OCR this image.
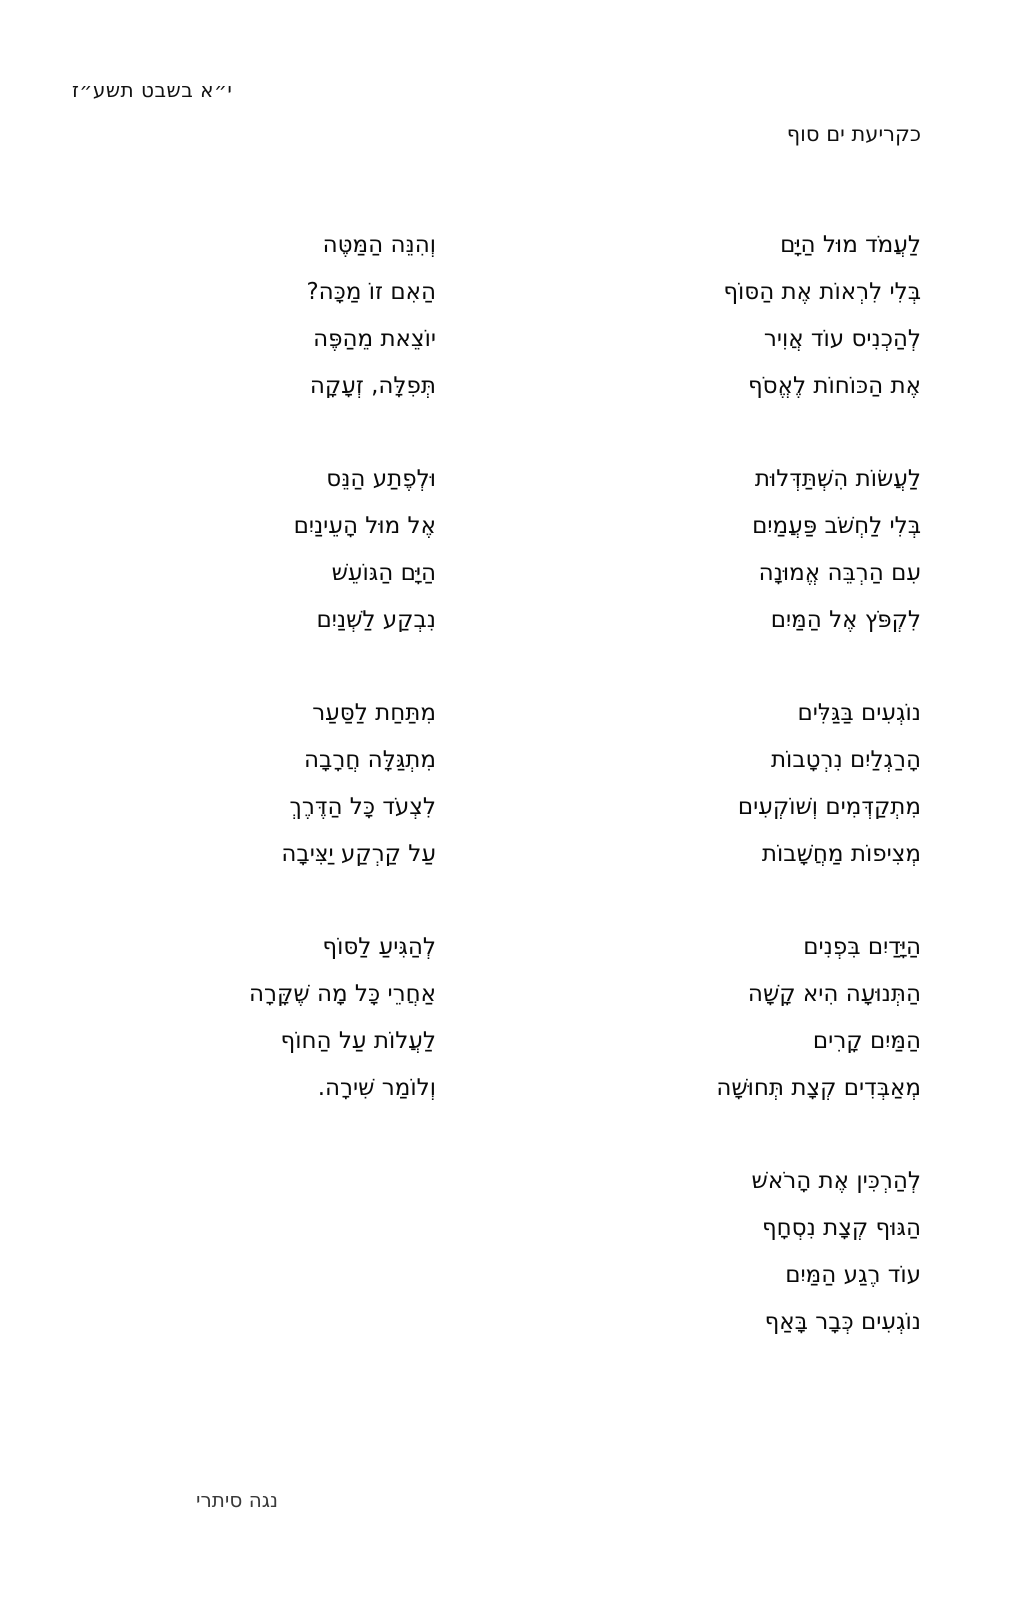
י״א בשבט תשע״ז
כקריעת ים סוף
לַעֲמֹד מוּל הַיָּם
בְּלִי לִרְאוֹת אֶת הַסּוֹף
לְהַכְנִיס עוֹד אֲוִיר
אֶת הַכּוֹחוֹת לֶאֱסֹף
לַעֲשׂוֹת הִשְׁתַּדְּלוּת
בְּלִי לַחְשֹׁב פַּעֲמַיִם
עִם הַרְבֵּה אֱמוּנָה
לִקְפֹּץ אֶל הַמַּיִם
נוֹגְעִים בַּגַּלִּים
הָרַגְלַיִם נִרְטָבוֹת
מִתְקַדְּמִים וְשׁוֹקְעִים
מְצִיפוֹת מַחֲשָׁבוֹת
הַיָּדַיִם בִּפְנִים
הַתְּנוּעָה הִיא קָשָׁה
הַמַּיִם קָרִים
מְאַבְּדִים קְצָת תְּחוּשָׁה
לְהַרְכִּין אֶת הָרֹאשׁ
הַגּוּף קְצָת נִסְחָף
עוֹד רֶגַע הַמַּיִם
נוֹגְעִים כְּבָר בָּאַף
וְהִנֵּה הַמַּטֶּה
הַאִם זוֹ מַכָּה?
יוֹצֵאת מֵהַפֶּה
תְּפִלָּה, זְעָקָה
וּלְפֶתַע הַנֵּס
אֶל מוּל הָעֵינַיִם
הַיָּם הַגּוֹעֵשׁ
נִבְקַע לַשְׁנַיִם
מִתַּחַת לַסַּעַר
מִתְגַּלָּה חֲרָבָה
לִצְעֹד כָּל הַדֶּרֶךְ
עַל קַרְקַע יַצִּיבָה
לְהַגִּיעַ לַסּוֹף
אַחֲרֵי כָּל מָה שֶׁקָּרָה
לַעֲלוֹת עַל הַחוֹף
וְלוֹמַר שִׁירָה.
נגה סיתרי
